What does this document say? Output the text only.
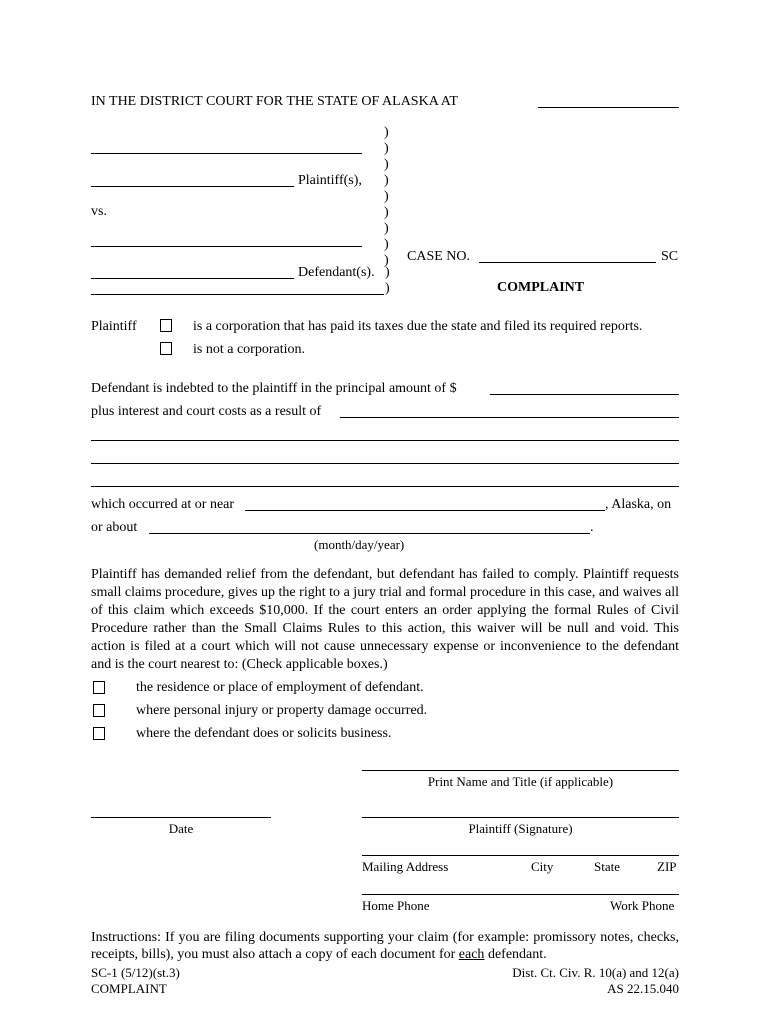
IN THE DISTRICT COURT FOR THE STATE OF ALASKA AT
)
)
)
)
)
)
)
)
)
Plaintiff(s),
vs.
Defendant(s). )
)
CASE NO.	SC
COMPLAINT
Plaintiff	is a corporation that has paid its taxes due the state and filed its required reports.
is not a corporation.
Defendant is indebted to the plaintiff in the principal amount of $
plus interest and court costs as a result of
which occurred at or near	, Alaska, on
or about	.
(month/day/year)
Plaintiff has demanded relief from the defendant, but defendant has failed to comply. Plaintiff requests small claims procedure, gives up the right to a jury trial and formal procedure in this case, and waives all of this claim which exceeds $10,000. If the court enters an order applying the formal Rules of Civil Procedure rather than the Small Claims Rules to this action, this waiver will be null and void. This action is filed at a court which will not cause unnecessary expense or inconvenience to the defendant and is the court nearest to: (Check applicable boxes.)
the residence or place of employment of defendant.
where personal injury or property damage occurred.
where the defendant does or solicits business.
Print Name and Title (if applicable)
Date	Plaintiff (Signature)
Mailing Address	City	State	ZIP
Home Phone	Work Phone
Instructions: If you are filing documents supporting your claim (for example: promissory notes, checks, receipts, bills), you must also attach a copy of each document for each defendant.
SC-1 (5/12)(st.3)
COMPLAINT
Dist. Ct. Civ. R. 10(a) and 12(a)
AS 22.15.040
